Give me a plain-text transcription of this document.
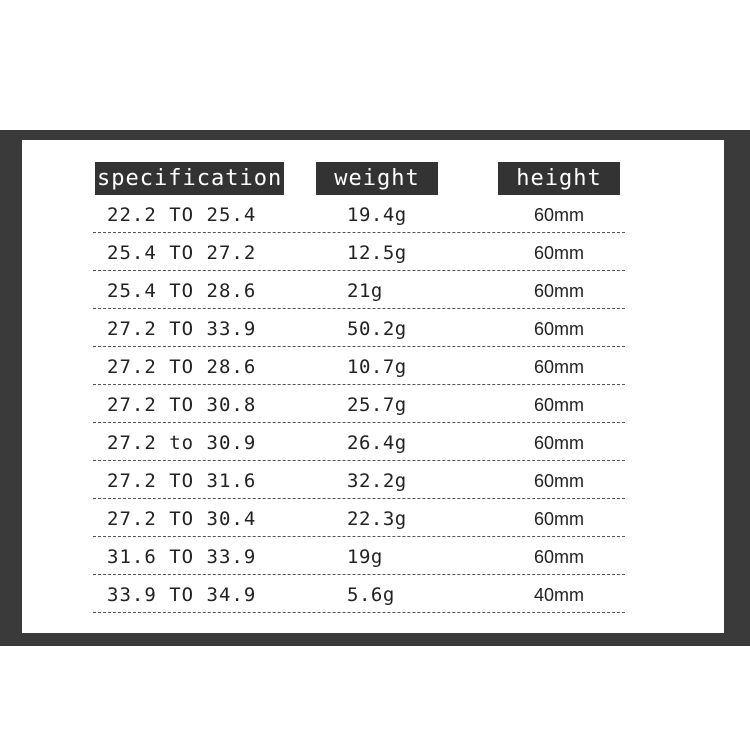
specification	weight	height
22.2 TO 25.4	19.4g	60mm
25.4 TO 27.2	12.5g	60mm
25.4 TO 28.6	21g	60mm
27.2 TO 33.9	50.2g	60mm
27.2 TO 28.6	10.7g	60mm
27.2 TO 30.8	25.7g	60mm
27.2 to 30.9	26.4g	60mm
27.2 TO 31.6	32.2g	60mm
27.2 TO 30.4	22.3g	60mm
31.6 TO 33.9	19g	60mm
33.9 TO 34.9	5.6g	40mm
